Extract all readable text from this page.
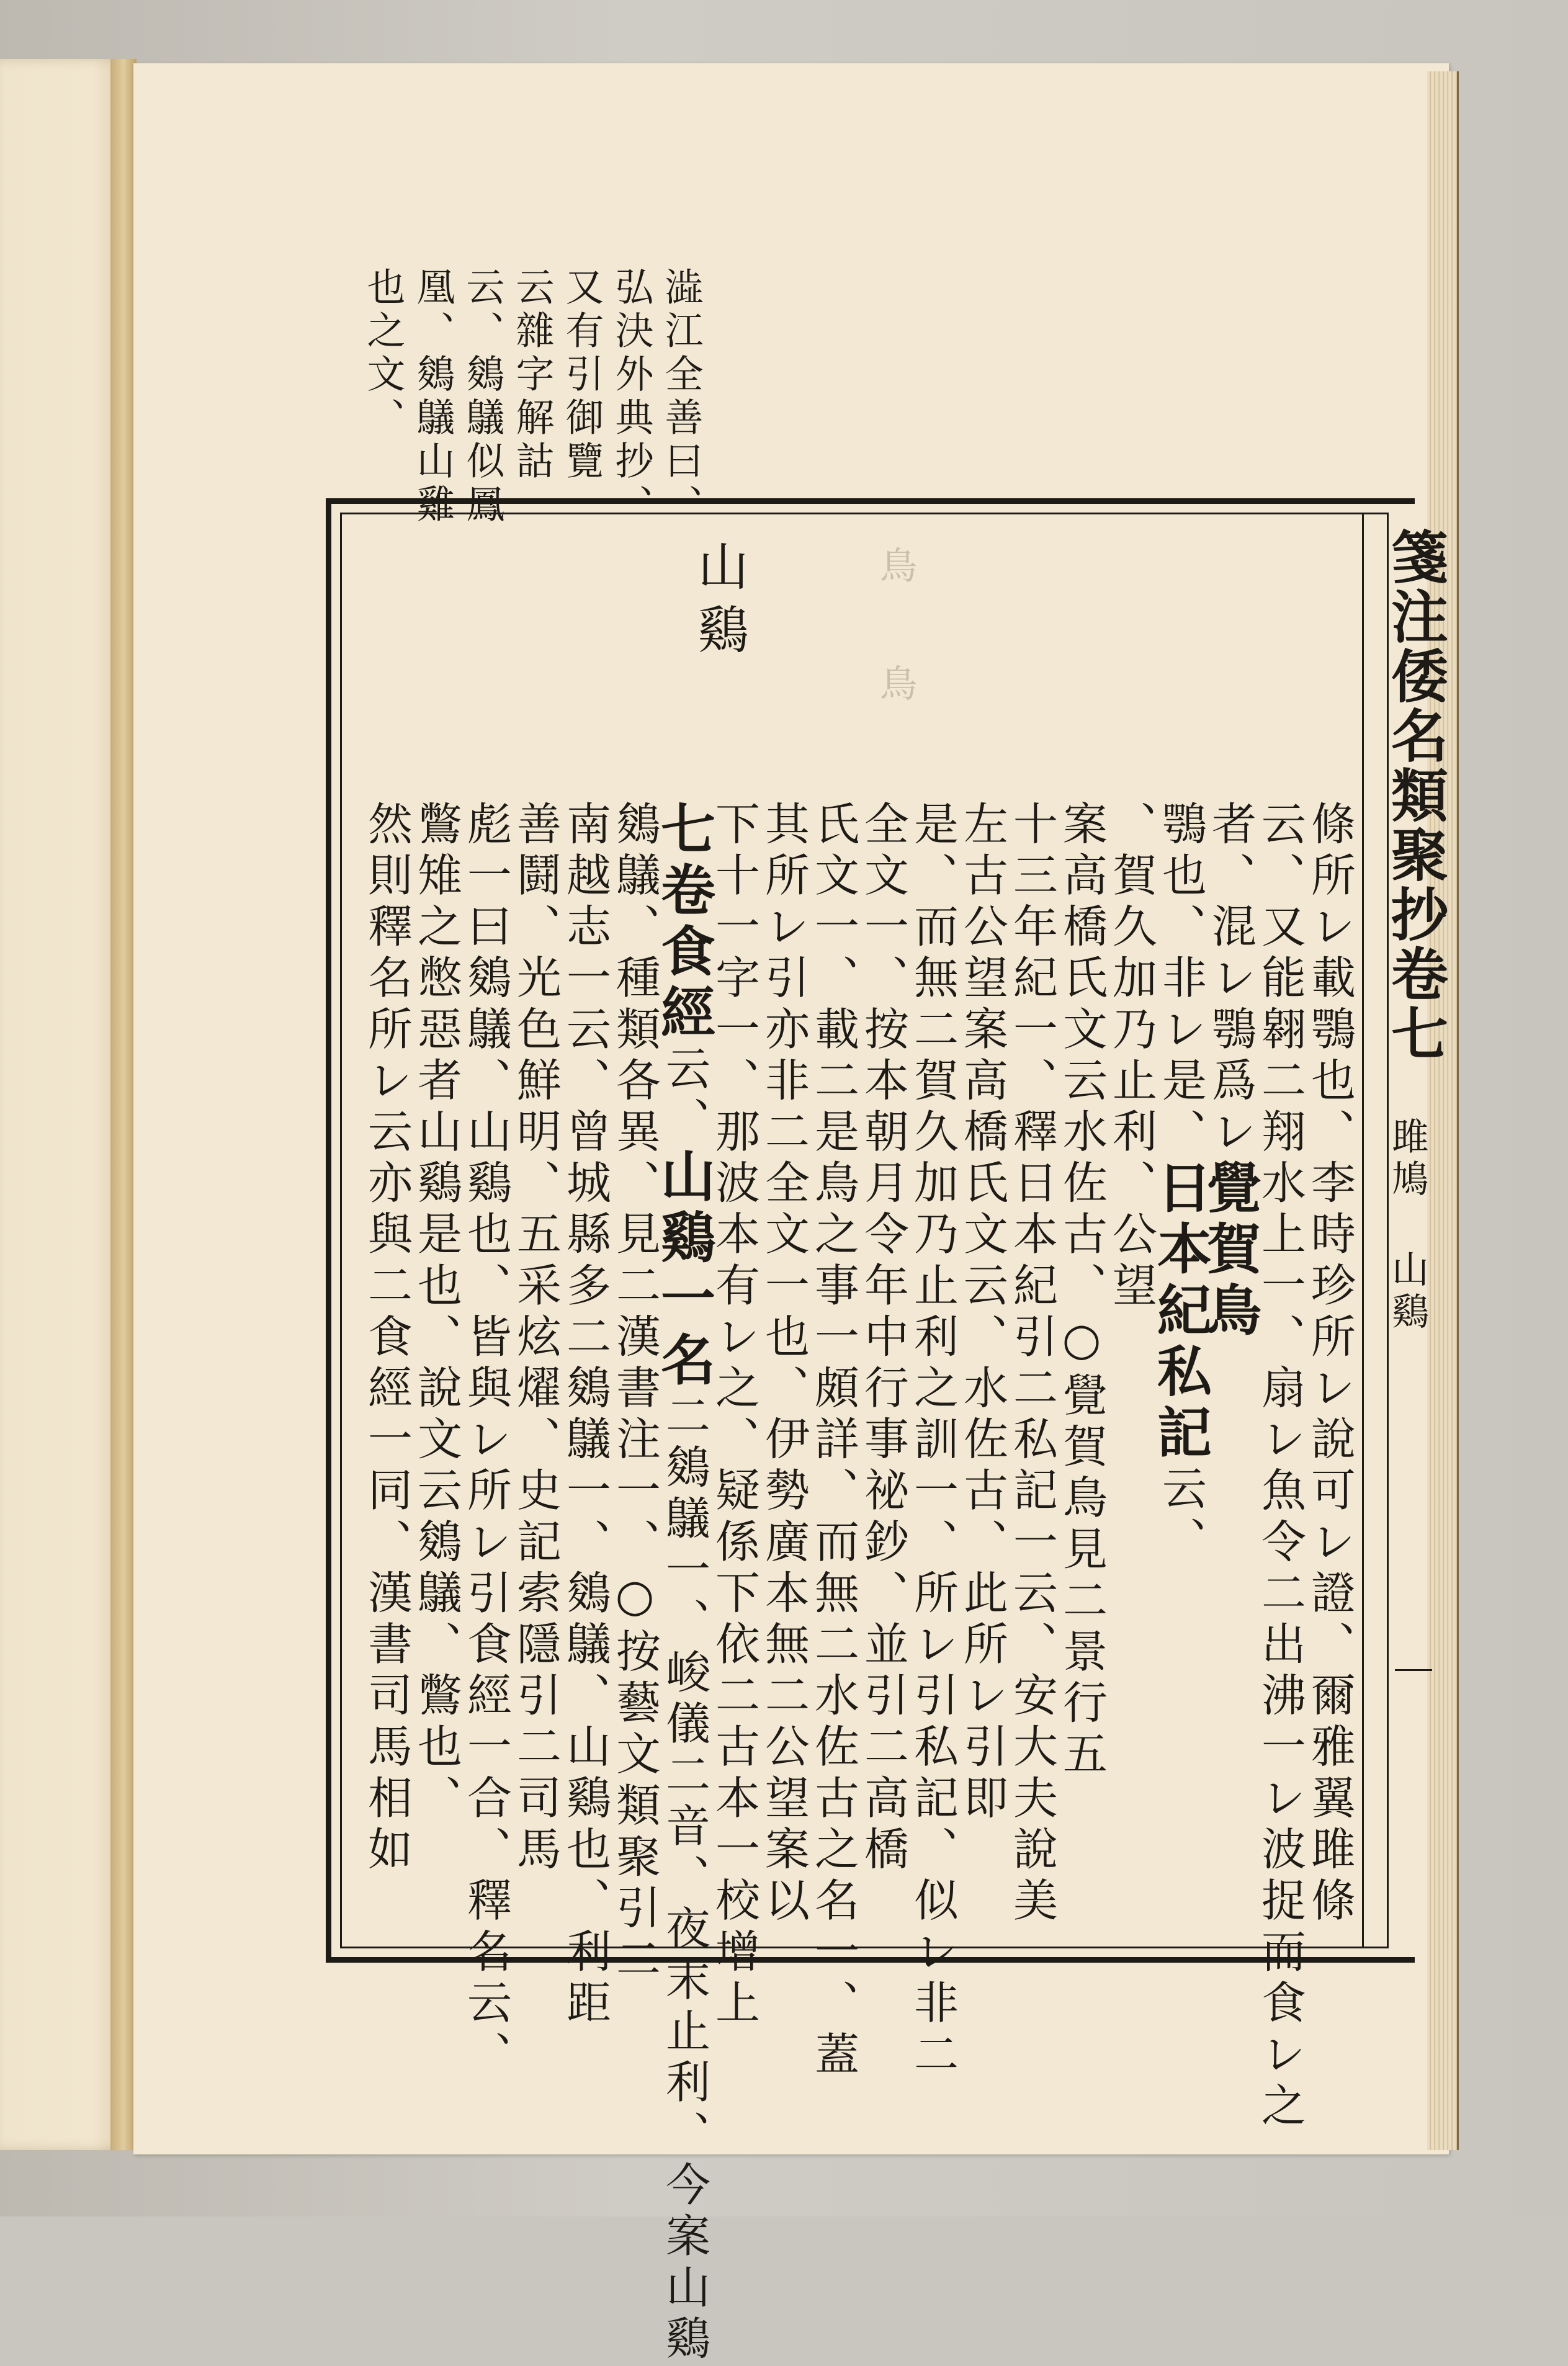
澁江全善曰、
弘決外典抄、
又有引御覽
云雜字解詁
云、鵕鸃似鳳
凰、鵕鸃山雞
也之文、
箋注倭名類聚抄卷七
雎鳩 山鷄
山鷄	鳥 鳥
條所レ載鶚也、李時珍所レ說可レ證、爾雅翼雎條
云、又能翱二翔水上一、扇レ魚令二出沸一レ波捉而食レ之
者、混レ鶚爲レ覺賀鳥
鶚也、非レ是、日本紀私記云、
、賀久加乃止利、公望
案高橋氏文云水佐古、○覺賀鳥見二景行五
十三年紀一、釋日本紀引二私記一云、安大夫說美
左古公望案高橋氏文云、水佐古、此所レ引即
是、而無二賀久加乃止利之訓一、所レ引私記、似レ非二
全文一、按本朝月令年中行事祕鈔、並引二高橋
氏文一、載二是鳥之事一頗詳、而無二水佐古之名一、蓋
其所レ引亦非二全文一也、伊勢廣本無二公望案以
下十一字一、那波本有レ之、疑係下依二古本一校增上
七卷食經云、山鷄一名二鵕鸃一、峻儀二音、夜末止利、今案山鷄
鵕鸃、種類各異、見二漢書注一、○按藝文類聚引二
南越志一云、曾城縣多二鵕鸃一、鵕鸃、山鷄也、利距
善鬪、光色鮮明、五采炫燿、史記索隱引二司馬
彪一曰鵕鸃、山鷄也、皆與レ所レ引食經一合、釋名云、
鷩雉之憋惡者山鷄是也、說文云鵕鸃、鷩也、
然則釋名所レ云亦與二食經一同、漢書司馬相如
